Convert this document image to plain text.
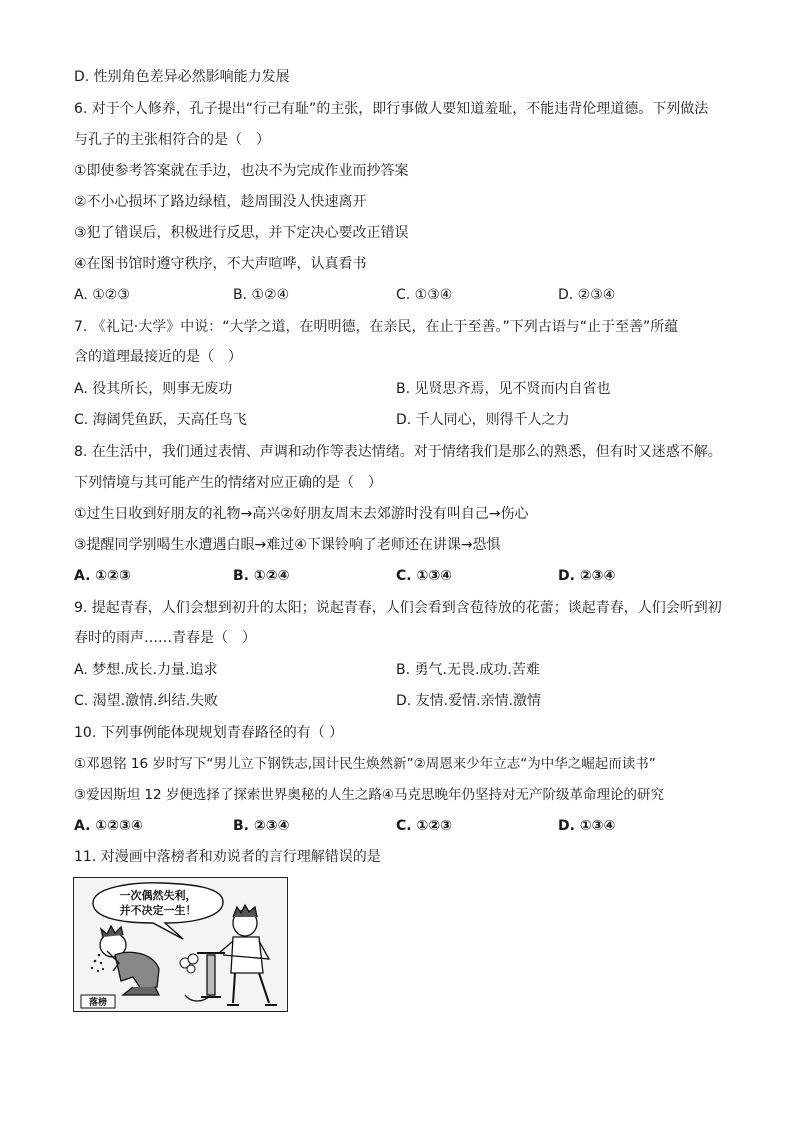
D. 性别角色差异必然影响能力发展
6. 对于个人修养，孔子提出“行己有耻”的主张，即行事做人要知道羞耻，不能违背伦理道德。下列做法
与孔子的主张相符合的是（　）
①即使参考答案就在手边，也决不为完成作业而抄答案
②不小心损坏了路边绿植，趁周围没人快速离开
③犯了错误后，积极进行反思，并下定决心要改正错误
④在图书馆时遵守秩序，不大声喧哗，认真看书
A. ①②③	B. ①②④	C. ①③④	D. ②③④
7. 《礼记·大学》中说：“大学之道，在明明德，在亲民，在止于至善。”下列古语与“止于至善”所蕴
含的道理最接近的是（　）
A. 役其所长，则事无废功	B. 见贤思齐焉，见不贤而内自省也
C. 海阔凭鱼跃，天高任鸟飞	D. 千人同心，则得千人之力
8. 在生活中，我们通过表情、声调和动作等表达情绪。对于情绪我们是那么的熟悉，但有时又迷惑不解。
下列情境与其可能产生的情绪对应正确的是（　）
①过生日收到好朋友的礼物→高兴②好朋友周末去郊游时没有叫自己→伤心
③提醒同学别喝生水遭遇白眼→难过④下课铃响了老师还在讲课→恐惧
A. ①②③	B. ①②④	C. ①③④	D. ②③④
9. 提起青春，人们会想到初升的太阳；说起青春，人们会看到含苞待放的花蕾；谈起青春，人们会听到初
春时的雨声……青春是（　）
A. 梦想.成长.力量.追求	B. 勇气.无畏.成功.苦难
C. 渴望.激情.纠结.失败	D. 友情.爱情.亲情.激情
10. 下列事例能体现规划青春路径的有（ ）
①邓恩铭 16 岁时写下“男儿立下钢铁志,国计民生焕然新”②周恩来少年立志“为中华之崛起而读书”
③爱因斯坦 12 岁便选择了探索世界奥秘的人生之路④马克思晚年仍坚持对无产阶级革命理论的研究
A. ①②③④	B. ②③④	C. ①②③	D. ①③④
11. 对漫画中落榜者和劝说者的言行理解错误的是
一次偶然失利，
并不决定一生！
落榜
